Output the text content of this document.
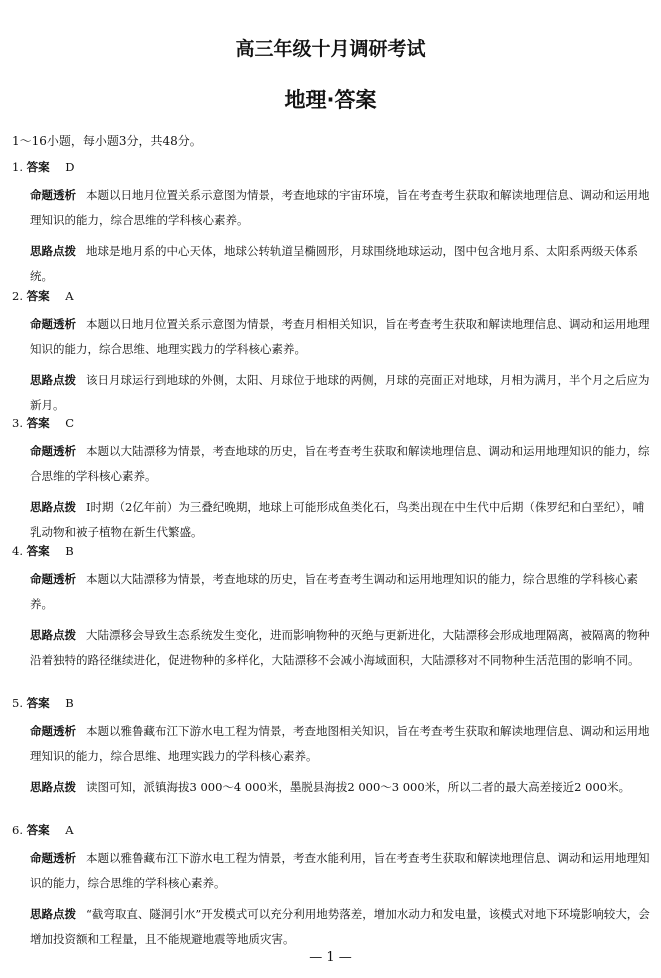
高三年级十月调研考试
地理·答案
1～16小题，每小题3分，共48分。
1. 答案 D
命题透析 本题以日地月位置关系示意图为情景，考查地球的宇宙环境，旨在考查考生获取和解读地理信息、调动和运用地理知识的能力，综合思维的学科核心素养。
思路点拨 地球是地月系的中心天体，地球公转轨道呈椭圆形，月球围绕地球运动，图中包含地月系、太阳系两级天体系统。
2. 答案 A
命题透析 本题以日地月位置关系示意图为情景，考查月相相关知识，旨在考查考生获取和解读地理信息、调动和运用地理知识的能力，综合思维、地理实践力的学科核心素养。
思路点拨 该日月球运行到地球的外侧，太阳、月球位于地球的两侧，月球的亮面正对地球，月相为满月，半个月之后应为新月。
3. 答案 C
命题透析 本题以大陆漂移为情景，考查地球的历史，旨在考查考生获取和解读地理信息、调动和运用地理知识的能力，综合思维的学科核心素养。
思路点拨 Ⅰ时期（2亿年前）为三叠纪晚期，地球上可能形成鱼类化石，鸟类出现在中生代中后期（侏罗纪和白垩纪），哺乳动物和被子植物在新生代繁盛。
4. 答案 B
命题透析 本题以大陆漂移为情景，考查地球的历史，旨在考查考生调动和运用地理知识的能力，综合思维的学科核心素养。
思路点拨 大陆漂移会导致生态系统发生变化，进而影响物种的灭绝与更新进化，大陆漂移会形成地理隔离，被隔离的物种沿着独特的路径继续进化，促进物种的多样化，大陆漂移不会减小海域面积，大陆漂移对不同物种生活范围的影响不同。
5. 答案 B
命题透析 本题以雅鲁藏布江下游水电工程为情景，考查地图相关知识，旨在考查考生获取和解读地理信息、调动和运用地理知识的能力，综合思维、地理实践力的学科核心素养。
思路点拨 读图可知，派镇海拔3 000～4 000米，墨脱县海拔2 000～3 000米，所以二者的最大高差接近2 000米。
6. 答案 A
命题透析 本题以雅鲁藏布江下游水电工程为情景，考查水能利用，旨在考查考生获取和解读地理信息、调动和运用地理知识的能力，综合思维的学科核心素养。
思路点拨 “截弯取直、隧洞引水”开发模式可以充分利用地势落差，增加水动力和发电量，该模式对地下环境影响较大，会增加投资额和工程量，且不能规避地震等地质灾害。
— 1 —
